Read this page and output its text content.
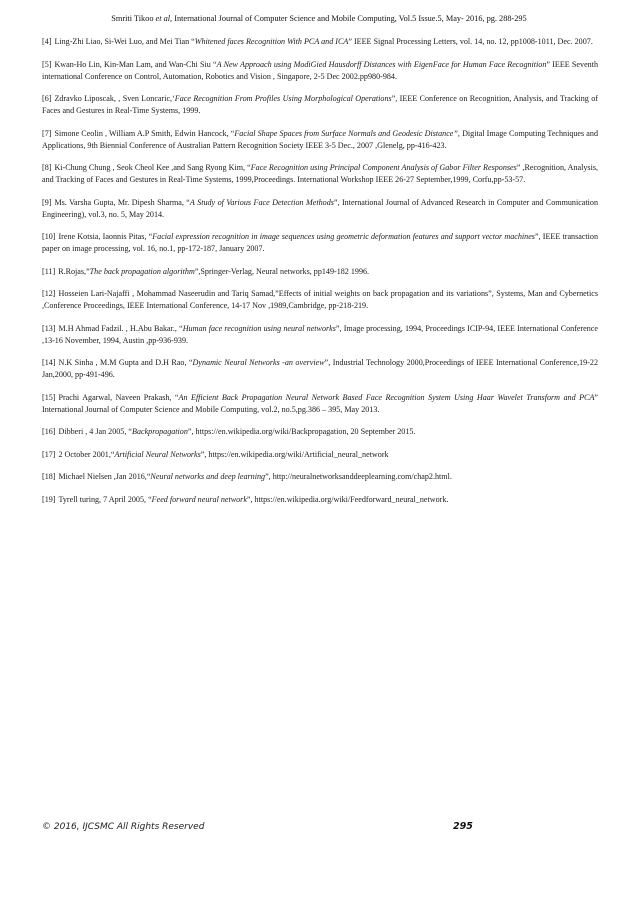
Smriti Tikoo et al, International Journal of Computer Science and Mobile Computing, Vol.5 Issue.5, May- 2016, pg. 288-295

[4] Ling-Zhi Liao, Si-Wei Luo, and Mei Tian “Whitened faces Recognition With PCA and ICA” IEEE Signal Processing Letters, vol. 14, no. 12, pp1008-1011, Dec. 2007.

[5] Kwan-Ho Lin, Kin-Man Lam, and Wan-Chi Siu “A New Approach using ModiGied Hausdorff Distances with EigenFace for Human Face Recognition” IEEE Seventh international Conference on Control, Automation, Robotics and Vision , Singapore, 2-5 Dec 2002.pp980-984.

[6] Zdravko Liposcak, , Sven Loncaric,‘Face Recognition From Profiles Using Morphological Operations”, IEEE Conference on Recognition, Analysis, and Tracking of Faces and Gestures in Real-Time Systems, 1999.

[7] Simone Ceolin , William A.P Smith, Edwin Hancock, “Facial Shape Spaces from Surface Normals and Geodesic Distance”, Digital Image Computing Techniques and Applications, 9th Biennial Conference of Australian Pattern Recognition Society IEEE 3-5 Dec., 2007 ,Glenelg, pp-416-423.

[8] Ki-Chung Chung , Seok Cheol Kee ,and Sang Ryong Kim, “Face Recognition using Principal Component Analysis of Gabor Filter Responses” ,Recognition, Analysis, and Tracking of Faces and Gestures in Real-Time Systems, 1999,Proceedings. International Workshop IEEE 26-27 September,1999, Corfu,pp-53-57.

[9] Ms. Varsha Gupta, Mr. Dipesh Sharma, “A Study of Various Face Detection Methods”, International Journal of Advanced Research in Computer and Communication Engineering), vol.3, no. 5, May 2014.

[10] Irene Kotsia, Iaonnis Pitas, “Facial expression recognition in image sequences using geometric deformation features and support vector machines”, IEEE transaction paper on image processing, vol. 16, no.1, pp-172-187, January 2007.

[11] R.Rojas,”The back propagation algorithm”,Springer-Verlag, Neural networks, pp149-182 1996.

[12] Hosseien Lari-Najaffi , Mohammad Naseerudin and Tariq Samad,”Effects of initial weights on back propagation and its variations”, Systems, Man and Cybernetics ,Conference Proceedings, IEEE International Conference, 14-17 Nov ,1989,Cambridge, pp-218-219.

[13] M.H Ahmad Fadzil. , H.Abu Bakar., “Human face recognition using neural networks”, Image processing, 1994, Proceedings ICIP-94, IEEE International Conference ,13-16 November, 1994, Austin ,pp-936-939.

[14] N.K Sinha , M.M Gupta and D.H Rao, “Dynamic Neural Networks -an overview”, Industrial Technology 2000,Proceedings of IEEE International Conference,19-22 Jan,2000, pp-491-496.

[15] Prachi Agarwal, Naveen Prakash, “An Efficient Back Propagation Neural Network Based Face Recognition System Using Haar Wavelet Transform and PCA” International Journal of Computer Science and Mobile Computing, vol.2, no.5,pg.386 – 395, May 2013.

[16] Dibberi , 4 Jan 2005, “Backpropagation”, https://en.wikipedia.org/wiki/Backpropagation, 20 September 2015.

[17] 2 October 2001,“Artificial Neural Networks”, https://en.wikipedia.org/wiki/Artificial_neural_network

[18] Michael Nielsen ,Jan 2016,“Neural networks and deep learning”, http://neuralnetworksanddeeplearning.com/chap2.html.

[19] Tyrell turing, 7 April 2005, “Feed forward neural network”, https://en.wikipedia.org/wiki/Feedforward_neural_network.

© 2016, IJCSMC All Rights Reserved	295
